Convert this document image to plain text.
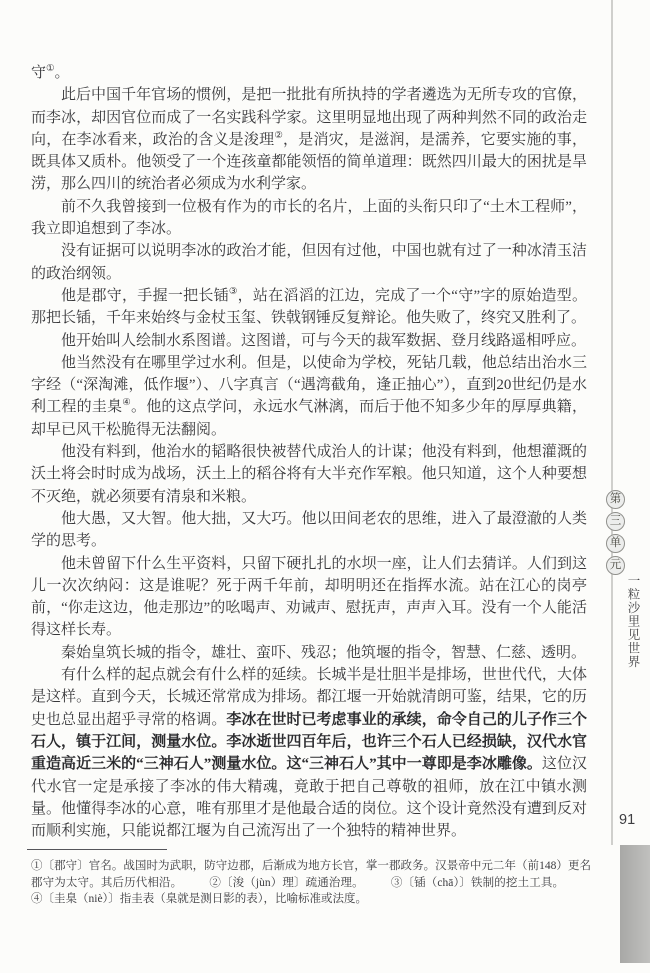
守①。

此后中国千年官场的惯例，是把一批批有所执持的学者遴选为无所专攻的官僚，而李冰，却因官位而成了一名实践科学家。这里明显地出现了两种判然不同的政治走向，在李冰看来，政治的含义是浚理②，是消灾，是滋润，是濡养，它要实施的事，既具体又质朴。他领受了一个连孩童都能领悟的简单道理：既然四川最大的困扰是旱涝，那么四川的统治者必须成为水利学家。

前不久我曾接到一位极有作为的市长的名片，上面的头衔只印了“土木工程师”，我立即追想到了李冰。

没有证据可以说明李冰的政治才能，但因有过他，中国也就有过了一种冰清玉洁的政治纲领。

他是郡守，手握一把长锸③，站在滔滔的江边，完成了一个“守”字的原始造型。那把长锸，千年来始终与金杖玉玺、铁戟钢锤反复辩论。他失败了，终究又胜利了。

他开始叫人绘制水系图谱。这图谱，可与今天的裁军数据、登月线路遥相呼应。

他当然没有在哪里学过水利。但是，以使命为学校，死钻几载，他总结出治水三字经（“深淘滩，低作堰”）、八字真言（“遇湾截角，逢正抽心”），直到20世纪仍是水利工程的圭臬④。他的这点学问，永远水气淋漓，而后于他不知多少年的厚厚典籍，却早已风干松脆得无法翻阅。

他没有料到，他治水的韬略很快被替代成治人的计谋；他没有料到，他想灌溉的沃土将会时时成为战场，沃土上的稻谷将有大半充作军粮。他只知道，这个人种要想不灭绝，就必须要有清泉和米粮。

他大愚，又大智。他大拙，又大巧。他以田间老农的思维，进入了最澄澈的人类学的思考。

他未曾留下什么生平资料，只留下硬扎扎的水坝一座，让人们去猜详。人们到这儿一次次纳闷：这是谁呢？死于两千年前，却明明还在指挥水流。站在江心的岗亭前，“你走这边，他走那边”的吆喝声、劝诫声、慰抚声，声声入耳。没有一个人能活得这样长寿。

秦始皇筑长城的指令，雄壮、蛮吓、残忍；他筑堰的指令，智慧、仁慈、透明。

有什么样的起点就会有什么样的延续。长城半是壮胆半是排场，世世代代，大体是这样。直到今天，长城还常常成为排场。都江堰一开始就清朗可鉴，结果，它的历史也总显出超乎寻常的格调。李冰在世时已考虑事业的承续，命令自己的儿子作三个石人，镇于江间，测量水位。李冰逝世四百年后，也许三个石人已经损缺，汉代水官重造高近三米的“三神石人”测量水位。这“三神石人”其中一尊即是李冰雕像。这位汉代水官一定是承接了李冰的伟大精魂，竟敢于把自己尊敬的祖师，放在江中镇水测量。他懂得李冰的心意，唯有那里才是他最合适的岗位。这个设计竟然没有遭到反对而顺利实施，只能说都江堰为自己流泻出了一个独特的精神世界。

①〔郡守〕官名。战国时为武职，防守边郡，后渐成为地方长官，掌一郡政务。汉景帝中元二年（前148）更名郡守为太守。其后历代相沿。 ②〔浚（jùn）理〕疏通治理。 ③〔锸（chā）〕铁制的挖土工具。④〔圭臬（niè）〕指圭表（臬就是测日影的表），比喻标准或法度。
第
三
单
元
一粒沙里见世界
91
